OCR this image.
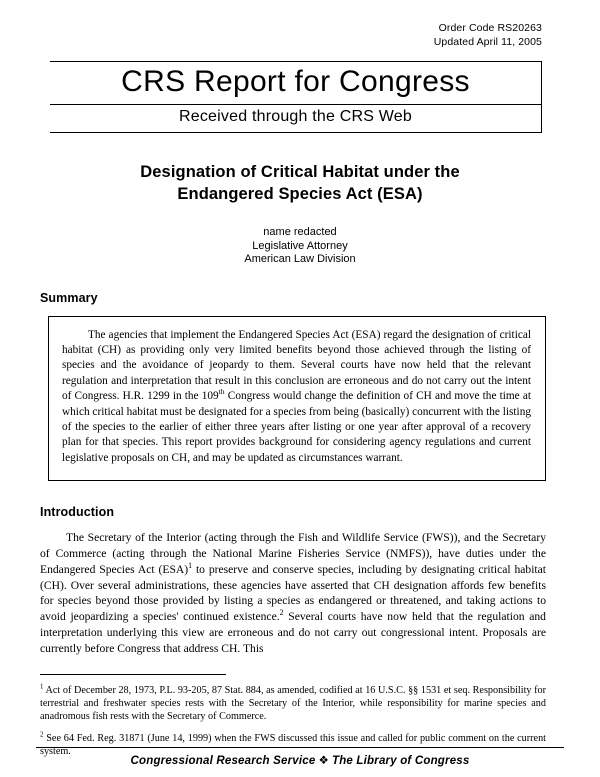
Order Code RS20263
Updated April 11, 2005
CRS Report for Congress
Received through the CRS Web
Designation of Critical Habitat under the
Endangered Species Act (ESA)
name redacted
Legislative Attorney
American Law Division
Summary

The agencies that implement the Endangered Species Act (ESA) regard the designation of critical habitat (CH) as providing only very limited benefits beyond those achieved through the listing of species and the avoidance of jeopardy to them. Several courts have now held that the relevant regulation and interpretation that result in this conclusion are erroneous and do not carry out the intent of Congress. H.R. 1299 in the 109th Congress would change the definition of CH and move the time at which critical habitat must be designated for a species from being (basically) concurrent with the listing of the species to the earlier of either three years after listing or one year after approval of a recovery plan for that species. This report provides background for considering agency regulations and current legislative proposals on CH, and may be updated as circumstances warrant.

Introduction

The Secretary of the Interior (acting through the Fish and Wildlife Service (FWS)), and the Secretary of Commerce (acting through the National Marine Fisheries Service (NMFS)), have duties under the Endangered Species Act (ESA)$^1$ to preserve and conserve species, including by designating critical habitat (CH). Over several administrations, these agencies have asserted that CH designation affords few benefits for species beyond those provided by listing a species as endangered or threatened, and taking actions to avoid jeopardizing a species' continued existence.$^2$ Several courts have now held that the regulation and interpretation underlying this view are erroneous and do not carry out congressional intent. Proposals are currently before Congress that address CH. This

$^1$ Act of December 28, 1973, P.L. 93-205, 87 Stat. 884, as amended, codified at 16 U.S.C. §§ 1531 et seq. Responsibility for terrestrial and freshwater species rests with the Secretary of the Interior, while responsibility for marine species and anadromous fish rests with the Secretary of Commerce.
$^2$ See 64 Fed. Reg. 31871 (June 14, 1999) when the FWS discussed this issue and called for public comment on the current system.
Congressional Research Service ❖ The Library of Congress
